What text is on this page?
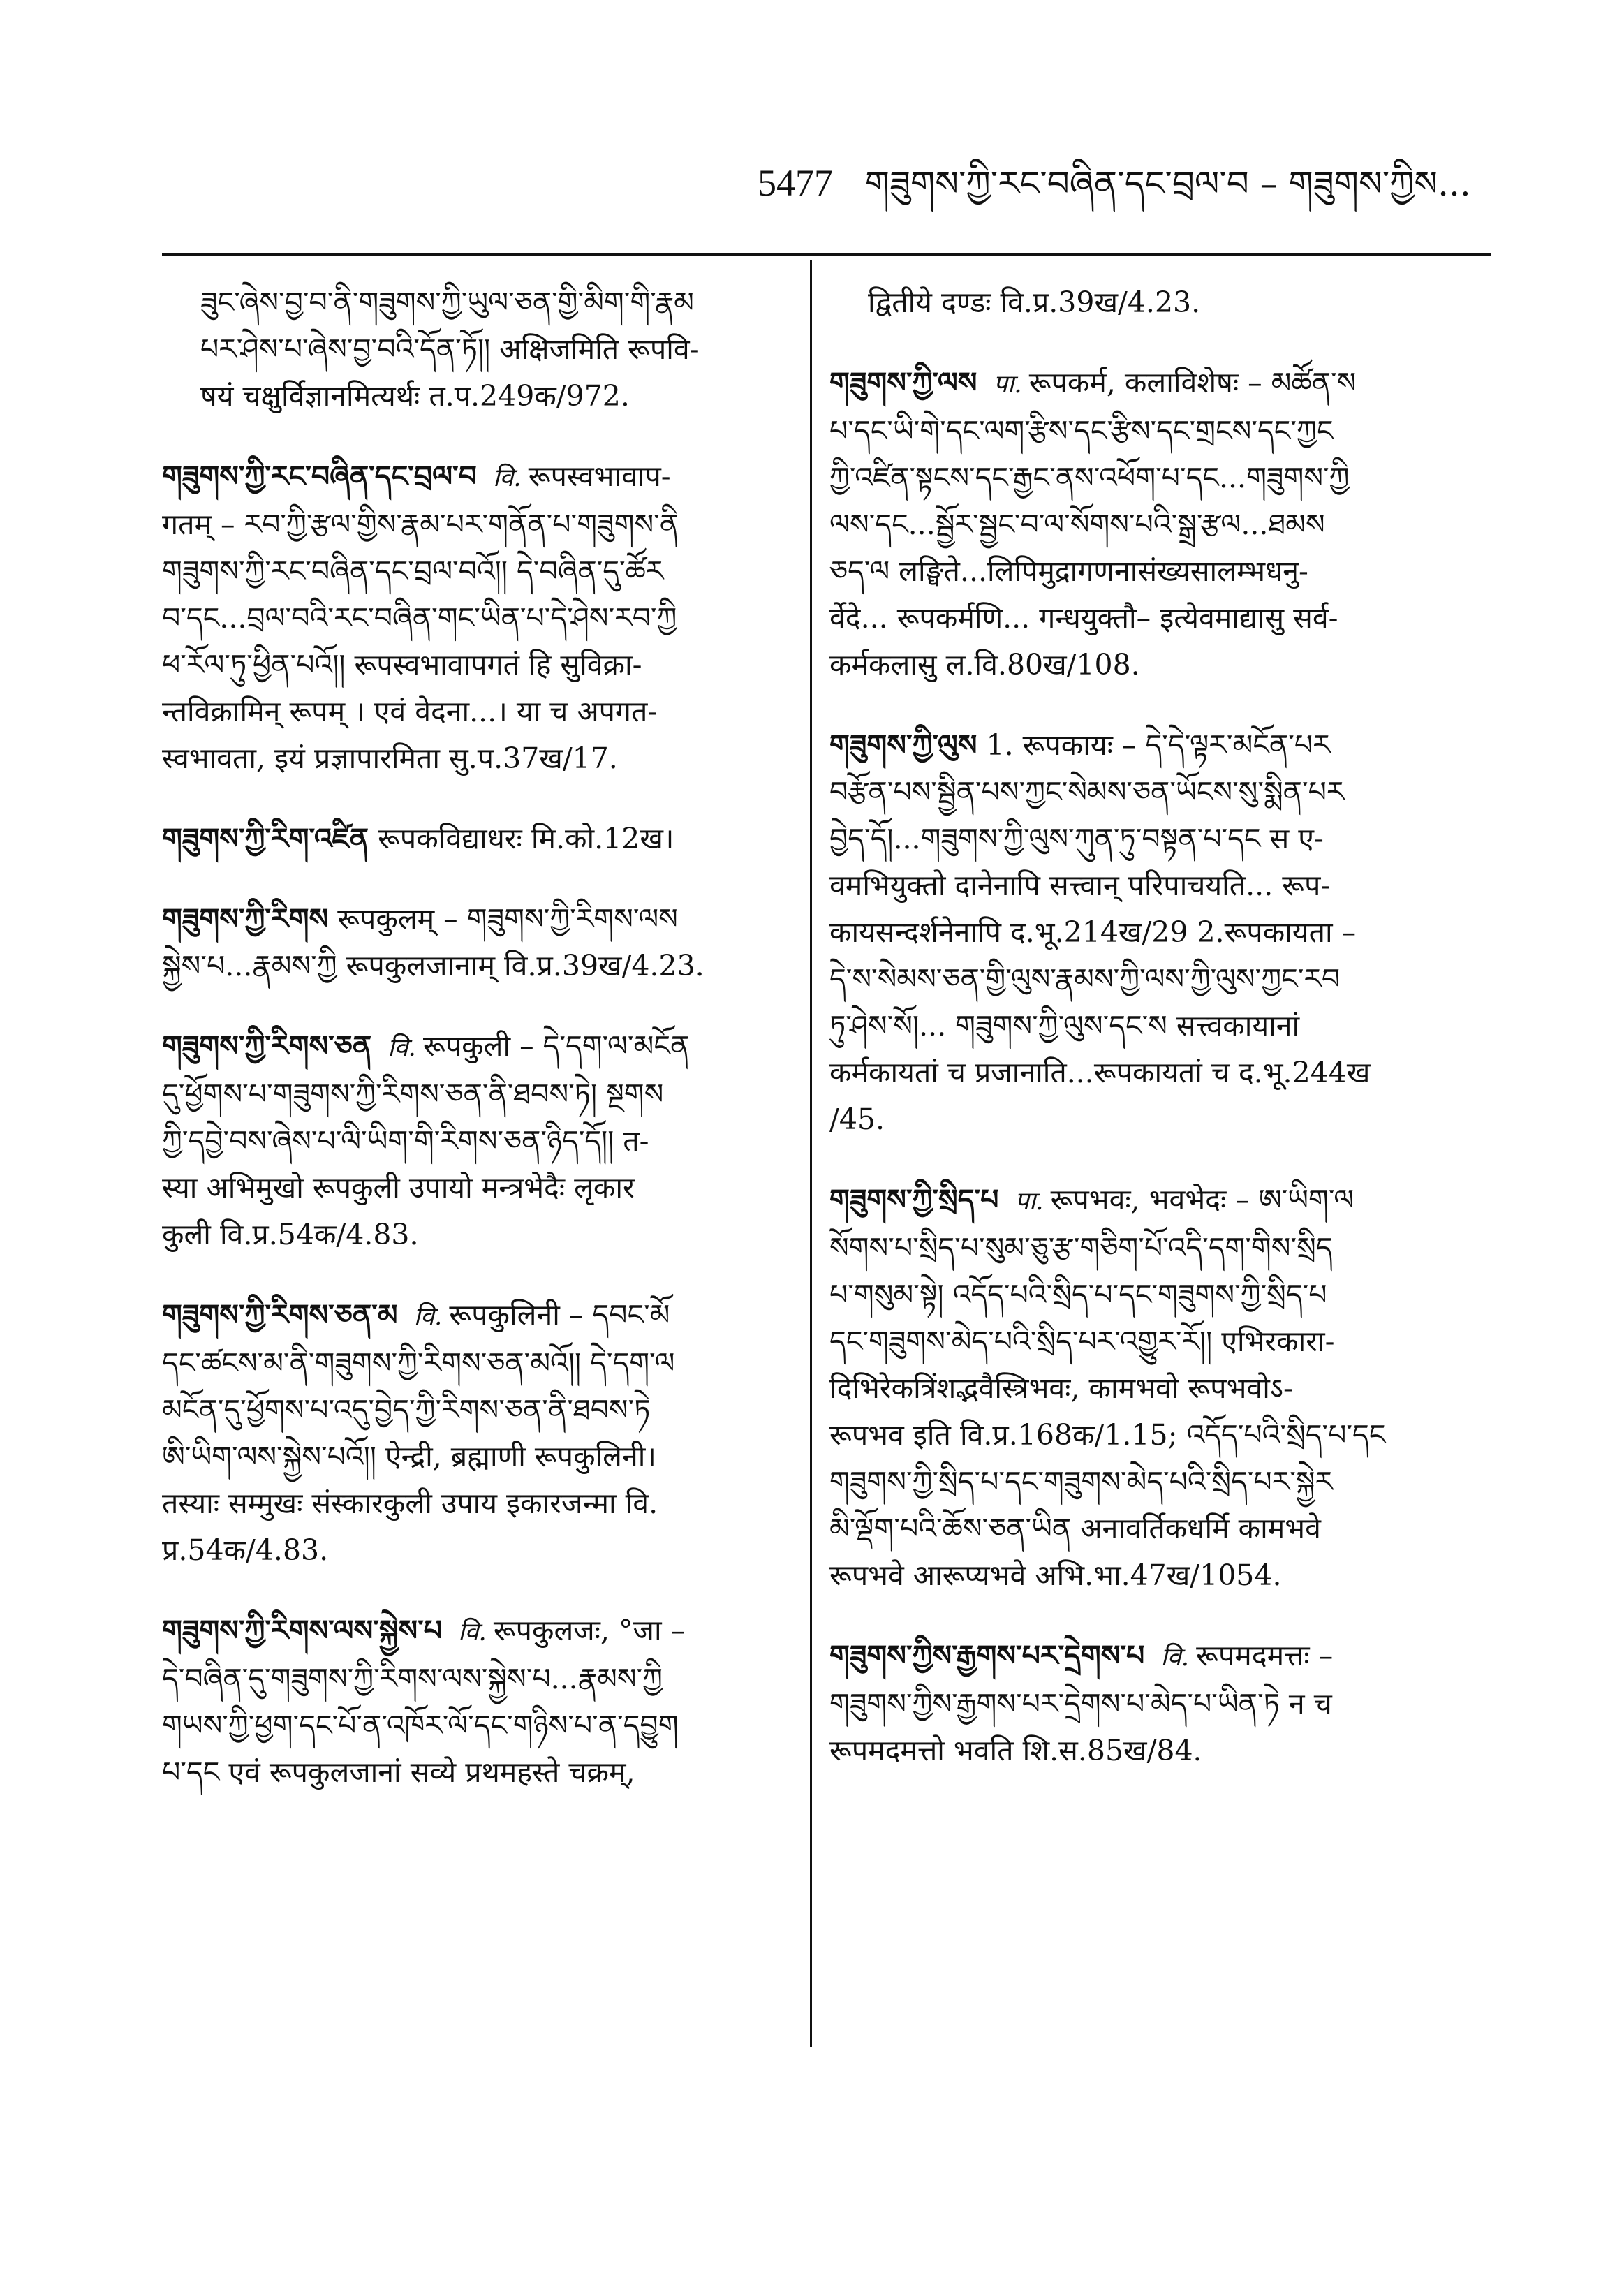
5477 གཟུགས་ཀྱི་རང་བཞིན་དང་བྲལ་བ – གཟུགས་ཀྱིས...
ཟུང་ཞེས་བྱ་བ་ནི་གཟུགས་ཀྱི་ཡུལ་ཅན་གྱི་མིག་གི་རྣམ
པར་ཤེས་པ་ཞེས་བྱ་བའི་དོན་ཏོ།། अक्षिजमिति रूपवि-
षयं चक्षुर्विज्ञानमित्यर्थः त.प.249क/972.
གཟུགས་ཀྱི་རང་བཞིན་དང་བྲལ་བ वि. रूपस्वभावाप-
गतम् – རབ་ཀྱི་རྩལ་གྱིས་རྣམ་པར་གནོན་པ་གཟུགས་ནི
གཟུགས་ཀྱི་རང་བཞིན་དང་བྲལ་བའོ།། དེ་བཞིན་དུ་ཚོར
བ་དང...བྲལ་བའི་རང་བཞིན་གང་ཡིན་པ་དེ་ཤེས་རབ་ཀྱི
ཕ་རོལ་ཏུ་ཕྱིན་པའོ།། रूपस्वभावापगतं हि सुविक्रा-
न्तविक्रामिन् रूपम् । एवं वेदना...। या च अपगत-
स्वभावता, इयं प्रज्ञापारमिता सु.प.37ख/17.
གཟུགས་ཀྱི་རིག་འཛིན रूपकविद्याधरः मि.को.12ख।
གཟུགས་ཀྱི་རིགས रूपकुलम् – གཟུགས་ཀྱི་རིགས་ལས
སྐྱེས་པ...རྣམས་ཀྱི रूपकुलजानाम् वि.प्र.39ख/4.23.
གཟུགས་ཀྱི་རིགས་ཅན वि. रूपकुली – དེ་དག་ལ་མངོན
དུ་ཕྱོགས་པ་གཟུགས་ཀྱི་རིགས་ཅན་ནི་ཐབས་ཏེ། སྔགས
ཀྱི་དབྱེ་བས་ཞེས་པ་ལི་ཡིག་གི་རིགས་ཅན་ཉིད་དོ།། त-
स्या अभिमुखो रूपकुली उपायो मन्त्रभेदैः लृकार
कुली वि.प्र.54क/4.83.
གཟུགས་ཀྱི་རིགས་ཅན་མ वि. रूपकुलिनी – དབང་མོ
དང་ཚངས་མ་ནི་གཟུགས་ཀྱི་རིགས་ཅན་མའོ།། དེ་དག་ལ
མངོན་དུ་ཕྱོགས་པ་འདུ་བྱེད་ཀྱི་རིགས་ཅན་ནི་ཐབས་ཏེ
ཨི་ཡིག་ལས་སྐྱེས་པའོ།། ऐन्द्री, ब्रह्माणी रूपकुलिनी।
तस्याः सम्मुखः संस्कारकुली उपाय इकारजन्मा वि.
प्र.54क/4.83.
གཟུགས་ཀྱི་རིགས་ལས་སྐྱེས་པ वि. रूपकुलजः, °जा –
དེ་བཞིན་དུ་གཟུགས་ཀྱི་རིགས་ལས་སྐྱེས་པ...རྣམས་ཀྱི
གཡས་ཀྱི་ཕྱག་དང་པོ་ན་འཁོར་ལོ་དང་གཉིས་པ་ན་དབྱུག
པ་དང एवं रूपकुलजानां सव्ये प्रथमहस्ते चक्रम्,
द्वितीये दण्डः वि.प्र.39ख/4.23.
གཟུགས་ཀྱི་ལས पा. रूपकर्म, कलाविशेषः – མཚོན་ས
པ་དང་ཡི་གེ་དང་ལག་རྩིས་དང་རྩིས་དང་གྲངས་དང་ཀྱང
ཀྱི་འཛིན་སྟངས་དང་རྒྱང་ནས་འཕོག་པ་དང...གཟུགས་ཀྱི
ལས་དང...སྦྱོར་སྦྱང་བ་ལ་སོགས་པའི་སྒྲ་རྩལ...ཐམས
ཅད་ལ लङ्घिते...लिपिमुद्रागणनासंख्यसालम्भधनु-
र्वेदे... रूपकर्मणि... गन्धयुक्तौ– इत्येवमाद्यासु सर्व-
कर्मकलासु ल.वि.80ख/108.
གཟུགས་ཀྱི་ལུས 1. रूपकायः – དེ་དེ་ལྟར་མངོན་པར
བརྩོན་པས་སྦྱིན་པས་ཀྱང་སེམས་ཅན་ཡོངས་སུ་སྨིན་པར
བྱེད་དོ།...གཟུགས་ཀྱི་ལུས་ཀུན་ཏུ་བསྟན་པ་དང स ए-
वमभियुक्तो दानेनापि सत्त्वान् परिपाचयति... रूप-
कायसन्दर्शनेनापि द.भू.214ख/29 2.रूपकायता –
དེ་ས་སེམས་ཅན་གྱི་ལུས་རྣམས་ཀྱི་ལས་ཀྱི་ལུས་ཀྱང་རབ
ཏུ་ཤེས་སོ།... གཟུགས་ཀྱི་ལུས་དང་ས सत्त्वकायानां
कर्मकायतां च प्रजानाति...रूपकायतां च द.भू.244ख
/45.
གཟུགས་ཀྱི་སྲིད་པ पा. रूपभवः, भवभेदः – ཨ་ཡིག་ལ
སོགས་པ་སྲིད་པ་སུམ་ཅུ་རྩ་གཅིག་པོ་འདི་དག་གིས་སྲིད
པ་གསུམ་སྟེ། འདོད་པའི་སྲིད་པ་དང་གཟུགས་ཀྱི་སྲིད་པ
དང་གཟུགས་མེད་པའི་སྲིད་པར་འགྱུར་རོ།། एभिरकारा-
दिभिरेकत्रिंशद्भवैस्त्रिभवः, कामभवो रूपभवोऽ-
रूपभव इति वि.प्र.168क/1.15; འདོད་པའི་སྲིད་པ་དང
གཟུགས་ཀྱི་སྲིད་པ་དང་གཟུགས་མེད་པའི་སྲིད་པར་སྐྱེར
མི་ལྡོག་པའི་ཆོས་ཅན་ཡིན अनावर्तिकधर्मि कामभवे
रूपभवे आरूप्यभवे अभि.भा.47ख/1054.
གཟུགས་ཀྱིས་རྒྱགས་པར་དྲེགས་པ वि. रूपमदमत्तः –
གཟུགས་ཀྱིས་རྒྱགས་པར་དྲེགས་པ་མེད་པ་ཡིན་ཏེ न च
रूपमदमत्तो भवति शि.स.85ख/84.
